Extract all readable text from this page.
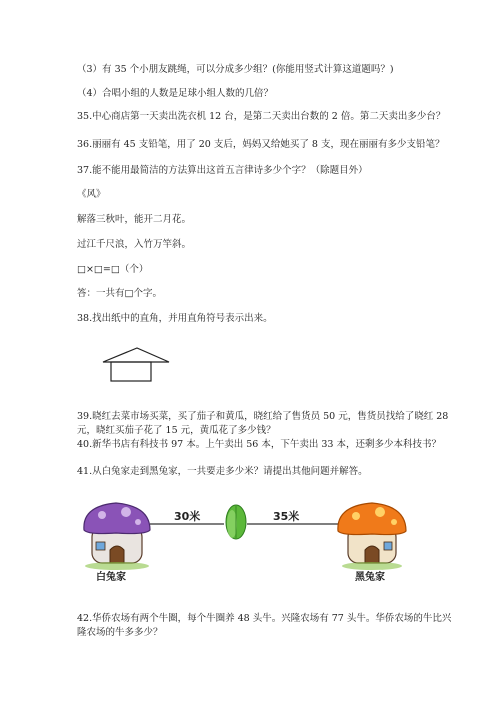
（3）有 35 个小朋友跳绳，可以分成多少组？(你能用竖式计算这道题吗？)
（4）合唱小组的人数是足球小组人数的几倍？
35.中心商店第一天卖出洗衣机 12 台，是第二天卖出台数的 2 倍。第二天卖出多少台？
36.丽丽有 45 支铅笔，用了 20 支后，妈妈又给她买了 8 支，现在丽丽有多少支铅笔？
37.能不能用最简洁的方法算出这首五言律诗多少个字？（除题目外）
《风》
解落三秋叶，能开二月花。
过江千尺浪，入竹万竿斜。
□×□=□（个）
答：一共有□个字。
38.找出纸中的直角，并用直角符号表示出来。
39.晓红去菜市场买菜，买了茄子和黄瓜，晓红给了售货员 50 元，售货员找给了晓红 28 元，晓红买茄子花了 15 元，黄瓜花了多少钱？
40.新华书店有科技书 97 本。上午卖出 56 本，下午卖出 33 本，还剩多少本科技书？
41.从白兔家走到黑兔家，一共要走多少米？请提出其他问题并解答。
30米	35米
白兔家	黑兔家
42.华侨农场有两个牛圈，每个牛圈养 48 头牛。兴隆农场有 77 头牛。华侨农场的牛比兴隆农场的牛多多少？
